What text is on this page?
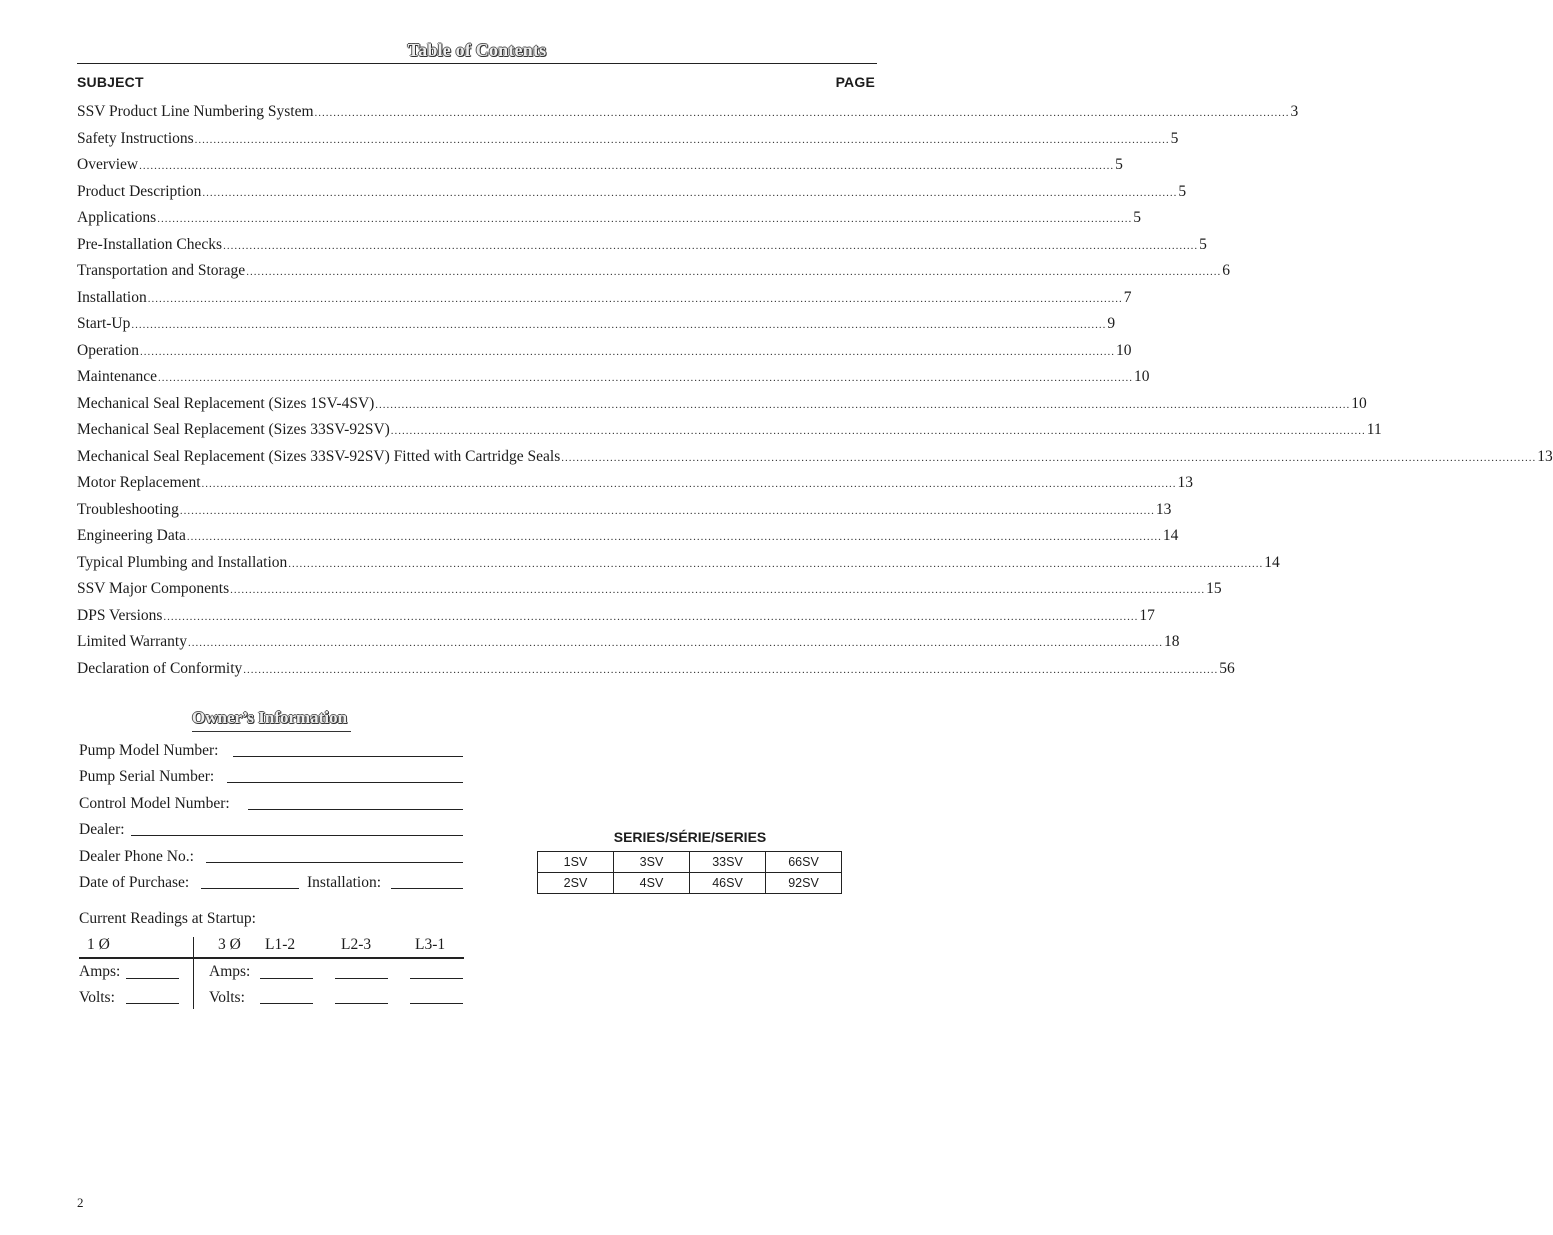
Table of Contents
SUBJECT	PAGE
SSV Product Line Numbering System .................................................................................................................................................................................................................................................................... 3
Safety Instructions .................................................................................................................................................................................................................................................................... 5
Overview .................................................................................................................................................................................................................................................................... 5
Product Description .................................................................................................................................................................................................................................................................... 5
Applications .................................................................................................................................................................................................................................................................... 5
Pre-Installation Checks .................................................................................................................................................................................................................................................................... 5
Transportation and Storage .................................................................................................................................................................................................................................................................... 6
Installation .................................................................................................................................................................................................................................................................... 7
Start-Up .................................................................................................................................................................................................................................................................... 9
Operation .................................................................................................................................................................................................................................................................... 10
Maintenance .................................................................................................................................................................................................................................................................... 10
Mechanical Seal Replacement (Sizes 1SV-4SV) .................................................................................................................................................................................................................................................................... 10
Mechanical Seal Replacement (Sizes 33SV-92SV) .................................................................................................................................................................................................................................................................... 11
Mechanical Seal Replacement (Sizes 33SV-92SV) Fitted with Cartridge Seals .................................................................................................................................................................................................................................................................... 13
Motor Replacement .................................................................................................................................................................................................................................................................... 13
Troubleshooting .................................................................................................................................................................................................................................................................... 13
Engineering Data .................................................................................................................................................................................................................................................................... 14
Typical Plumbing and Installation .................................................................................................................................................................................................................................................................... 14
SSV Major Components .................................................................................................................................................................................................................................................................... 15
DPS Versions .................................................................................................................................................................................................................................................................... 17
Limited Warranty .................................................................................................................................................................................................................................................................... 18
Declaration of Conformity .................................................................................................................................................................................................................................................................... 56
Owner’s Information
Pump Model Number:
Pump Serial Number:
Control Model Number:
Dealer:
Dealer Phone No.:
Date of Purchase:	Installation:
Current Readings at Startup:
1 Ø	3 Ø L1-2	L2-3	L3-1
Amps:	Amps:
Volts:	Volts:
SERIES/SÉRIE/SERIES
1SV	3SV	33SV	66SV
2SV	4SV	46SV	92SV
2
